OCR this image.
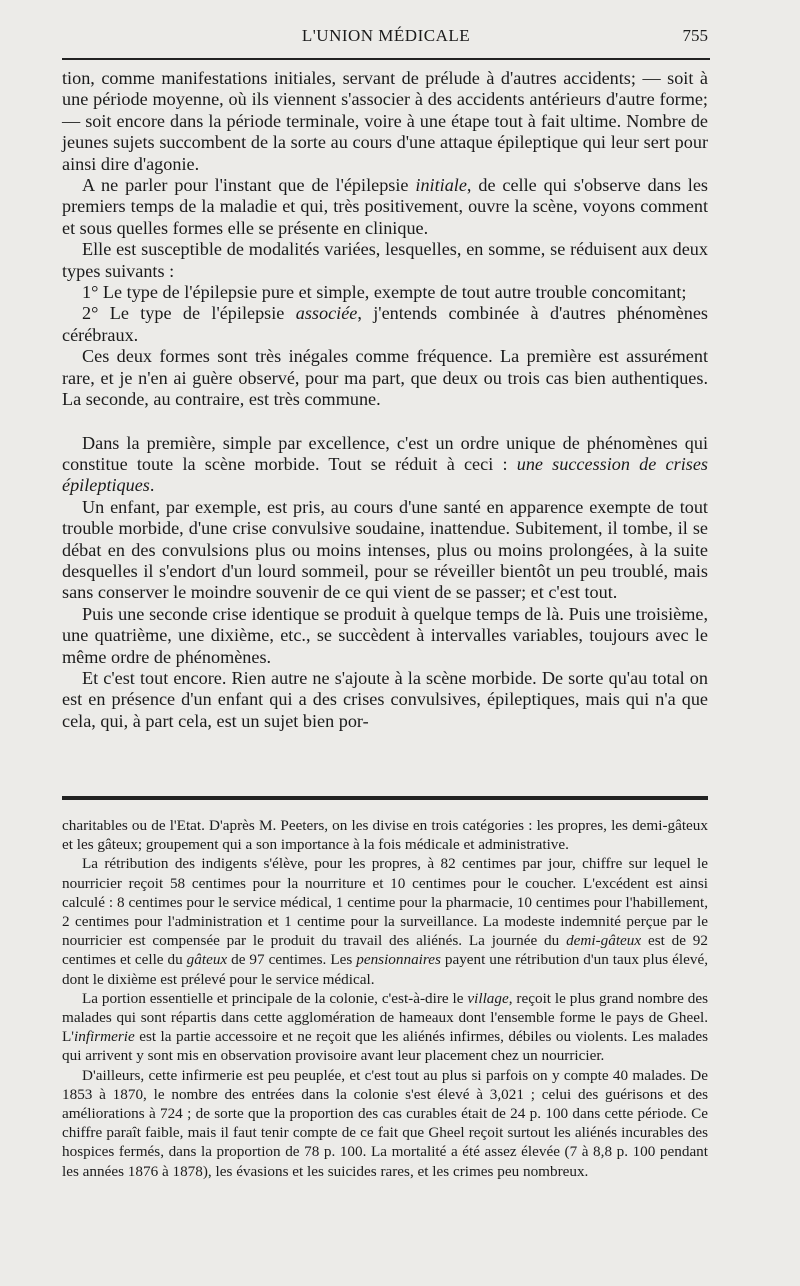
L'UNION MÉDICALE	755

tion, comme manifestations initiales, servant de prélude à d'autres accidents; — soit à une période moyenne, où ils viennent s'associer à des accidents antérieurs d'autre forme; — soit encore dans la période terminale, voire à une étape tout à fait ultime. Nombre de jeunes sujets succombent de la sorte au cours d'une attaque épileptique qui leur sert pour ainsi dire d'agonie.

A ne parler pour l'instant que de l'épilepsie initiale, de celle qui s'observe dans les premiers temps de la maladie et qui, très positivement, ouvre la scène, voyons comment et sous quelles formes elle se présente en clinique.

Elle est susceptible de modalités variées, lesquelles, en somme, se réduisent aux deux types suivants :

1° Le type de l'épilepsie pure et simple, exempte de tout autre trouble concomitant;

2° Le type de l'épilepsie associée, j'entends combinée à d'autres phénomènes cérébraux.

Ces deux formes sont très inégales comme fréquence. La première est assurément rare, et je n'en ai guère observé, pour ma part, que deux ou trois cas bien authentiques. La seconde, au contraire, est très commune.

Dans la première, simple par excellence, c'est un ordre unique de phénomènes qui constitue toute la scène morbide. Tout se réduit à ceci : une succession de crises épileptiques.

Un enfant, par exemple, est pris, au cours d'une santé en apparence exempte de tout trouble morbide, d'une crise convulsive soudaine, inattendue. Subitement, il tombe, il se débat en des convulsions plus ou moins intenses, plus ou moins prolongées, à la suite desquelles il s'endort d'un lourd sommeil, pour se réveiller bientôt un peu troublé, mais sans conserver le moindre souvenir de ce qui vient de se passer; et c'est tout.

Puis une seconde crise identique se produit à quelque temps de là. Puis une troisième, une quatrième, une dixième, etc., se succèdent à intervalles variables, toujours avec le même ordre de phénomènes.

Et c'est tout encore. Rien autre ne s'ajoute à la scène morbide. De sorte qu'au total on est en présence d'un enfant qui a des crises convulsives, épileptiques, mais qui n'a que cela, qui, à part cela, est un sujet bien por-

charitables ou de l'Etat. D'après M. Peeters, on les divise en trois catégories : les propres, les demi-gâteux et les gâteux; groupement qui a son importance à la fois médicale et administrative.

La rétribution des indigents s'élève, pour les propres, à 82 centimes par jour, chiffre sur lequel le nourricier reçoit 58 centimes pour la nourriture et 10 centimes pour le coucher. L'excédent est ainsi calculé : 8 centimes pour le service médical, 1 centime pour la pharmacie, 10 centimes pour l'habillement, 2 centimes pour l'administration et 1 centime pour la surveillance. La modeste indemnité perçue par le nourricier est compensée par le produit du travail des aliénés. La journée du demi-gâteux est de 92 centimes et celle du gâteux de 97 centimes. Les pensionnaires payent une rétribution d'un taux plus élevé, dont le dixième est prélevé pour le service médical.

La portion essentielle et principale de la colonie, c'est-à-dire le village, reçoit le plus grand nombre des malades qui sont répartis dans cette agglomération de hameaux dont l'ensemble forme le pays de Gheel. L'infirmerie est la partie accessoire et ne reçoit que les aliénés infirmes, débiles ou violents. Les malades qui arrivent y sont mis en observation provisoire avant leur placement chez un nourricier.

D'ailleurs, cette infirmerie est peu peuplée, et c'est tout au plus si parfois on y compte 40 malades. De 1853 à 1870, le nombre des entrées dans la colonie s'est élevé à 3,021 ; celui des guérisons et des améliorations à 724 ; de sorte que la proportion des cas curables était de 24 p. 100 dans cette période. Ce chiffre paraît faible, mais il faut tenir compte de ce fait que Gheel reçoit surtout les aliénés incurables des hospices fermés, dans la proportion de 78 p. 100. La mortalité a été assez élevée (7 à 8,8 p. 100 pendant les années 1876 à 1878), les évasions et les suicides rares, et les crimes peu nombreux.
